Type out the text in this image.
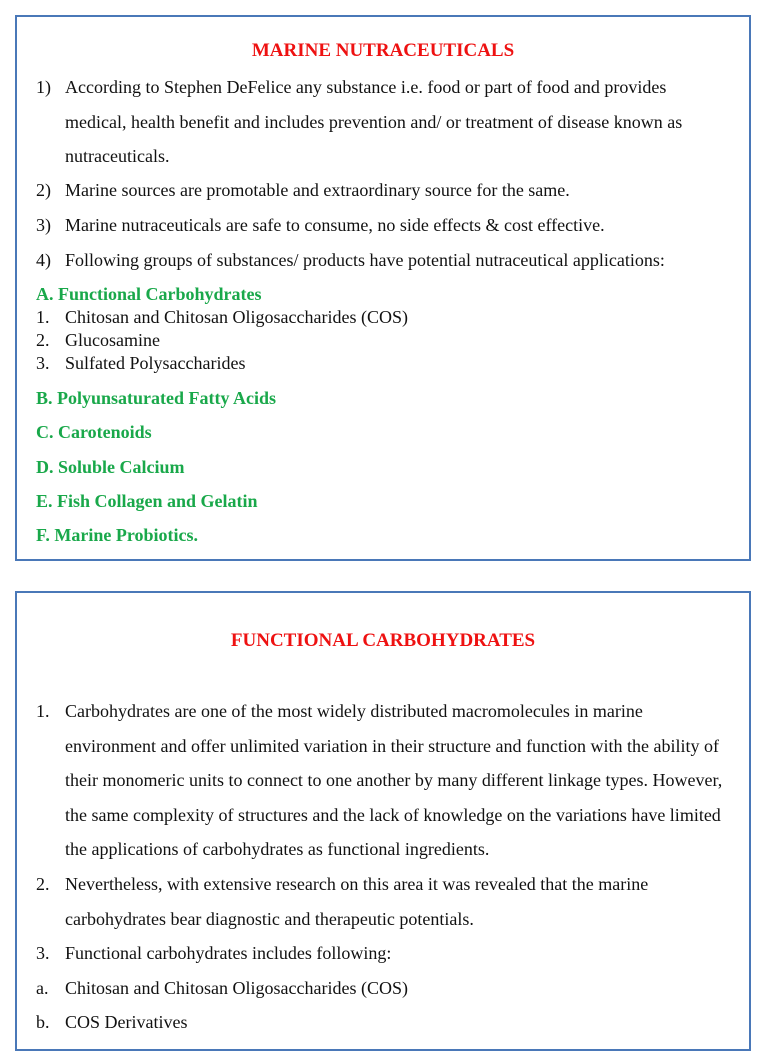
MARINE NUTRACEUTICALS
1) According to Stephen DeFelice any substance i.e. food or part of food and provides medical, health benefit and includes prevention and/ or treatment of disease known as nutraceuticals.
2) Marine sources are promotable and extraordinary source for the same.
3) Marine nutraceuticals are safe to consume, no side effects & cost effective.
4) Following groups of substances/ products have potential nutraceutical applications:
A. Functional Carbohydrates
1. Chitosan and Chitosan Oligosaccharides (COS)
2. Glucosamine
3. Sulfated Polysaccharides
B. Polyunsaturated Fatty Acids
C. Carotenoids
D. Soluble Calcium
E. Fish Collagen and Gelatin
F. Marine Probiotics.
FUNCTIONAL CARBOHYDRATES
1. Carbohydrates are one of the most widely distributed macromolecules in marine environment and offer unlimited variation in their structure and function with the ability of their monomeric units to connect to one another by many different linkage types. However, the same complexity of structures and the lack of knowledge on the variations have limited the applications of carbohydrates as functional ingredients.
2. Nevertheless, with extensive research on this area it was revealed that the marine carbohydrates bear diagnostic and therapeutic potentials.
3. Functional carbohydrates includes following:
a. Chitosan and Chitosan Oligosaccharides (COS)
b. COS Derivatives
